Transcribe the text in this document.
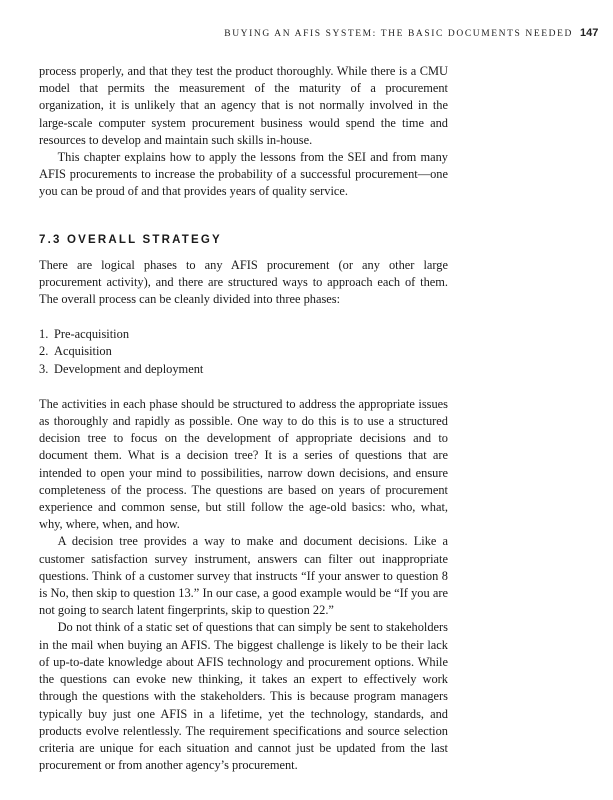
BUYING AN AFIS SYSTEM: THE BASIC DOCUMENTS NEEDED 147

process properly, and that they test the product thoroughly. While there is a CMU model that permits the measurement of the maturity of a procurement organization, it is unlikely that an agency that is not normally involved in the large-scale computer system procurement business would spend the time and resources to develop and maintain such skills in-house.

This chapter explains how to apply the lessons from the SEI and from many AFIS procurements to increase the probability of a successful procurement—one you can be proud of and that provides years of quality service.

7.3 OVERALL STRATEGY

There are logical phases to any AFIS procurement (or any other large procurement activity), and there are structured ways to approach each of them. The overall process can be cleanly divided into three phases:

1. Pre-acquisition
2. Acquisition
3. Development and deployment

The activities in each phase should be structured to address the appropriate issues as thoroughly and rapidly as possible. One way to do this is to use a structured decision tree to focus on the development of appropriate decisions and to document them. What is a decision tree? It is a series of questions that are intended to open your mind to possibilities, narrow down decisions, and ensure completeness of the process. The questions are based on years of procurement experience and common sense, but still follow the age-old basics: who, what, why, where, when, and how.

A decision tree provides a way to make and document decisions. Like a customer satisfaction survey instrument, answers can filter out inappropriate questions. Think of a customer survey that instructs “If your answer to question 8 is No, then skip to question 13.” In our case, a good example would be “If you are not going to search latent fingerprints, skip to question 22.”

Do not think of a static set of questions that can simply be sent to stakeholders in the mail when buying an AFIS. The biggest challenge is likely to be their lack of up-to-date knowledge about AFIS technology and procurement options. While the questions can evoke new thinking, it takes an expert to effectively work through the questions with the stakeholders. This is because program managers typically buy just one AFIS in a lifetime, yet the technology, standards, and products evolve relentlessly. The requirement specifications and source selection criteria are unique for each situation and cannot just be updated from the last procurement or from another agency’s procurement.
